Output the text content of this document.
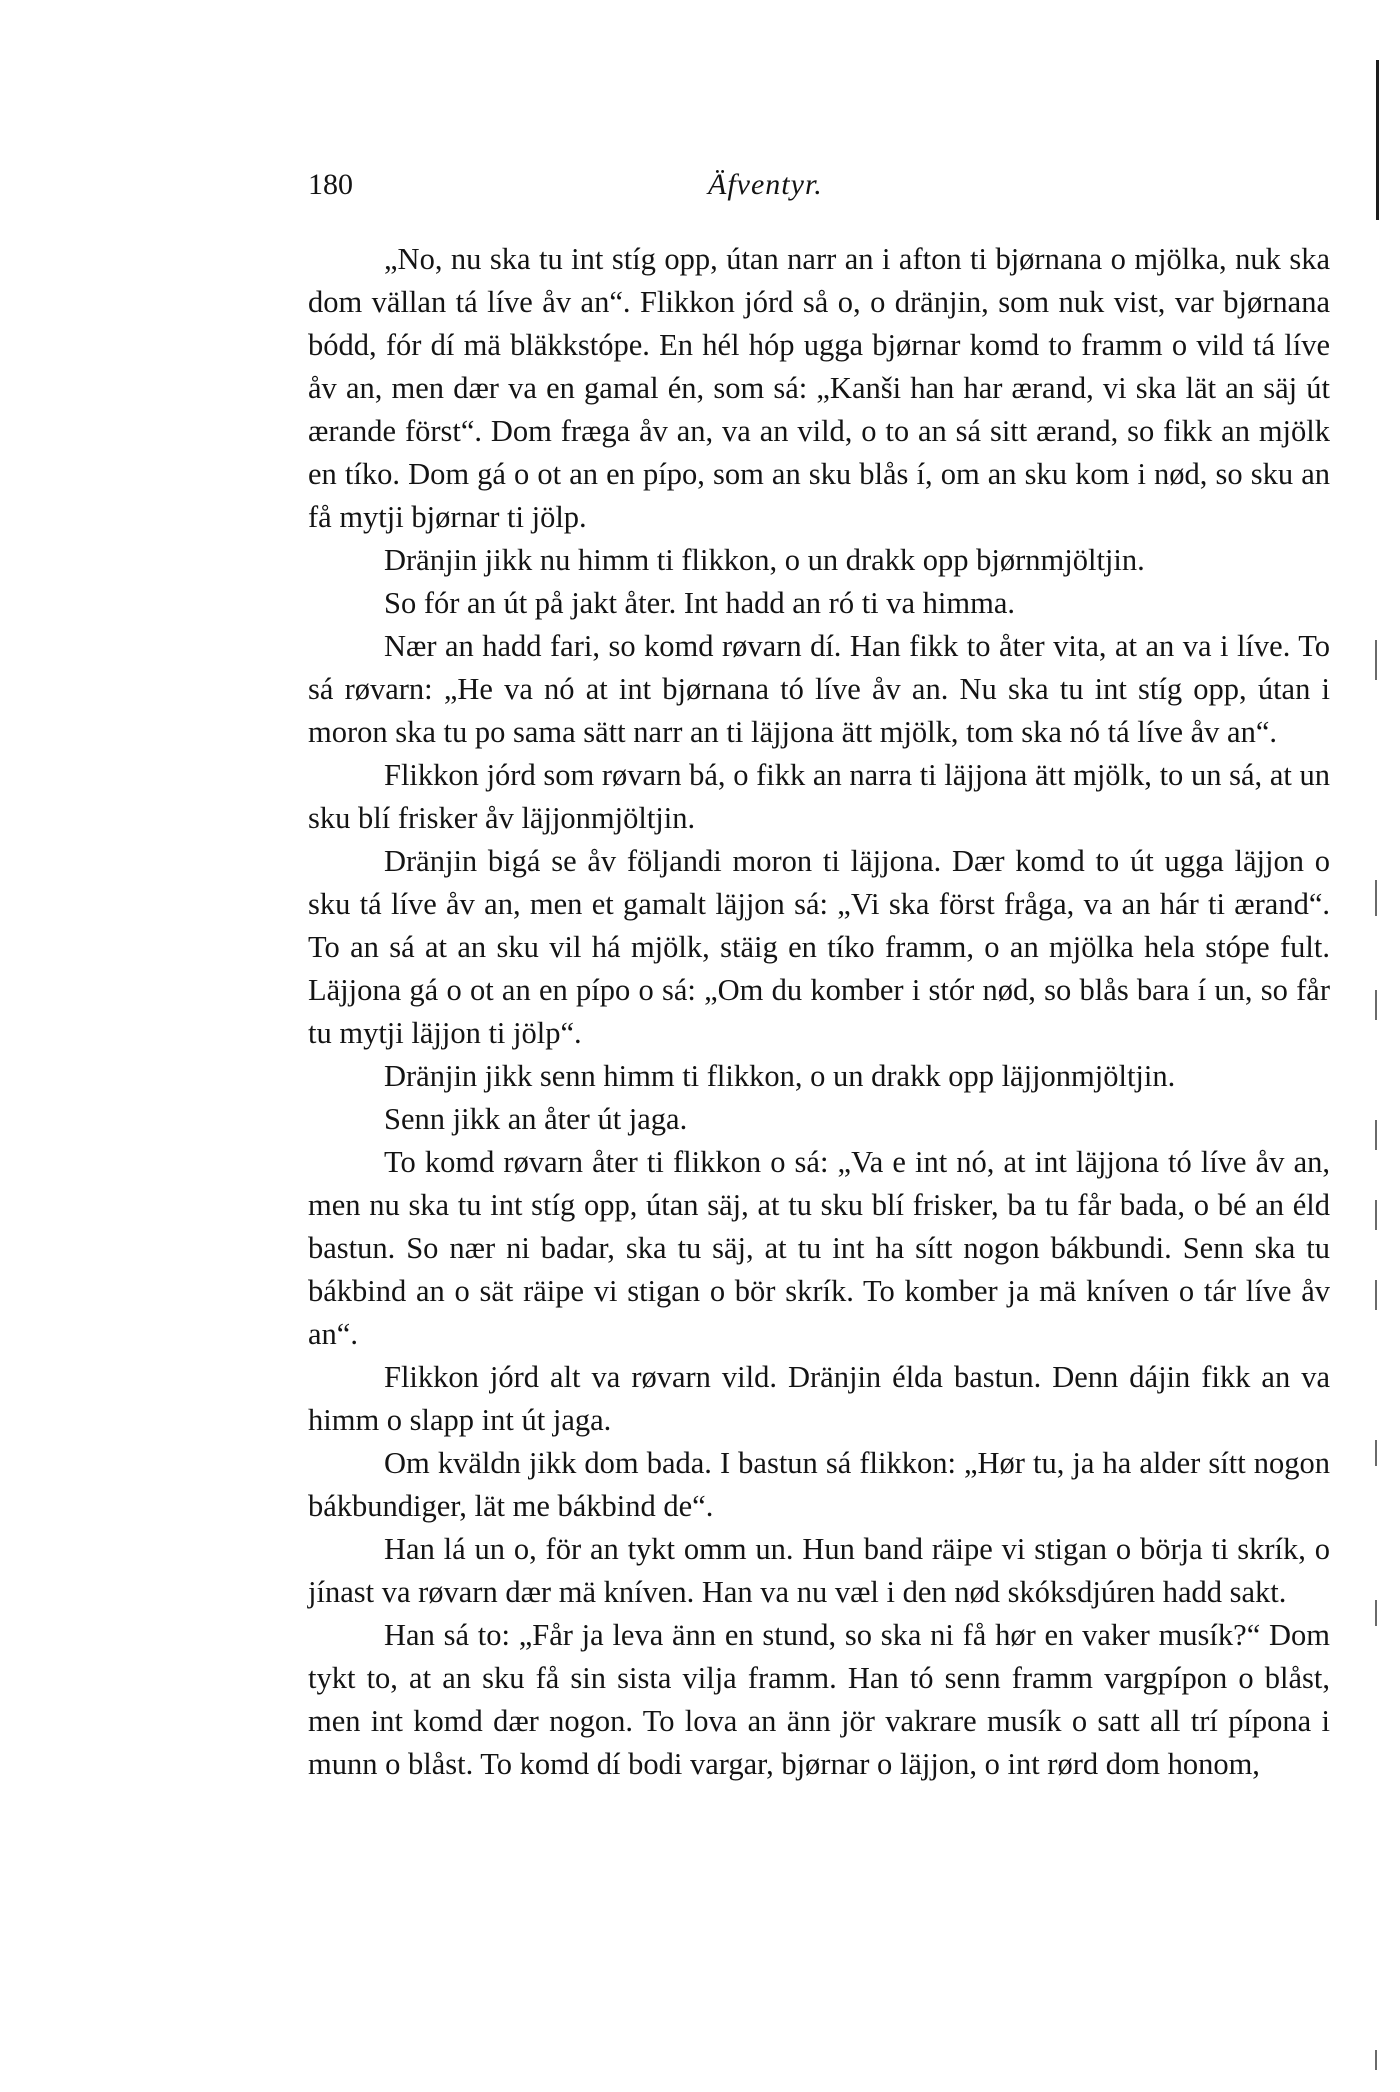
180	Äfventyr.

„No, nu ska tu int stíg opp, útan narr an i afton ti bjørnana o mjölka, nuk ska dom vällan tá líve åv an“. Flikkon jórd så o, o dränjin, som nuk vist, var bjørnana bódd, fór dí mä bläkkstópe. En hél hóp ugga bjørnar komd to framm o vild tá líve åv an, men dær va en gamal én, som sá: „Kanši han har ærand, vi ska lät an säj út ærande först“. Dom fræga åv an, va an vild, o to an sá sitt ærand, so fikk an mjölk en tíko. Dom gá o ot an en pípo, som an sku blås í, om an sku kom i nød, so sku an få mytji bjørnar ti jölp.

Dränjin jikk nu himm ti flikkon, o un drakk opp bjørnmjöltjin.

So fór an út på jakt åter. Int hadd an ró ti va himma.

Nær an hadd fari, so komd røvarn dí. Han fikk to åter vita, at an va i líve. To sá røvarn: „He va nó at int bjørnana tó líve åv an. Nu ska tu int stíg opp, útan i moron ska tu po sama sätt narr an ti läjjona ätt mjölk, tom ska nó tá líve åv an“.

Flikkon jórd som røvarn bá, o fikk an narra ti läjjona ätt mjölk, to un sá, at un sku blí frisker åv läjjonmjöltjin.

Dränjin bigá se åv följandi moron ti läjjona. Dær komd to út ugga läjjon o sku tá líve åv an, men et gamalt läjjon sá: „Vi ska först fråga, va an hár ti ærand“. To an sá at an sku vil há mjölk, stäig en tíko framm, o an mjölka hela stópe fult. Läjjona gá o ot an en pípo o sá: „Om du komber i stór nød, so blås bara í un, so får tu mytji läjjon ti jölp“.

Dränjin jikk senn himm ti flikkon, o un drakk opp läjjonmjöltjin.

Senn jikk an åter út jaga.

To komd røvarn åter ti flikkon o sá: „Va e int nó, at int läjjona tó líve åv an, men nu ska tu int stíg opp, útan säj, at tu sku blí frisker, ba tu får bada, o bé an éld bastun. So nær ni badar, ska tu säj, at tu int ha sítt nogon bákbundi. Senn ska tu bákbind an o sät räipe vi stigan o bör skrík. To komber ja mä kníven o tár líve åv an“.

Flikkon jórd alt va røvarn vild. Dränjin élda bastun. Denn dájin fikk an va himm o slapp int út jaga.

Om kväldn jikk dom bada. I bastun sá flikkon: „Hør tu, ja ha alder sítt nogon bákbundiger, lät me bákbind de“.

Han lá un o, för an tykt omm un. Hun band räipe vi stigan o börja ti skrík, o jínast va røvarn dær mä kníven. Han va nu væl i den nød skóksdjúren hadd sakt.

Han sá to: „Får ja leva änn en stund, so ska ni få hør en vaker musík?“ Dom tykt to, at an sku få sin sista vilja framm. Han tó senn framm vargpípon o blåst, men int komd dær nogon. To lova an änn jör vakrare musík o satt all trí pípona i munn o blåst. To komd dí bodi vargar, bjørnar o läjjon, o int rørd dom honom,
